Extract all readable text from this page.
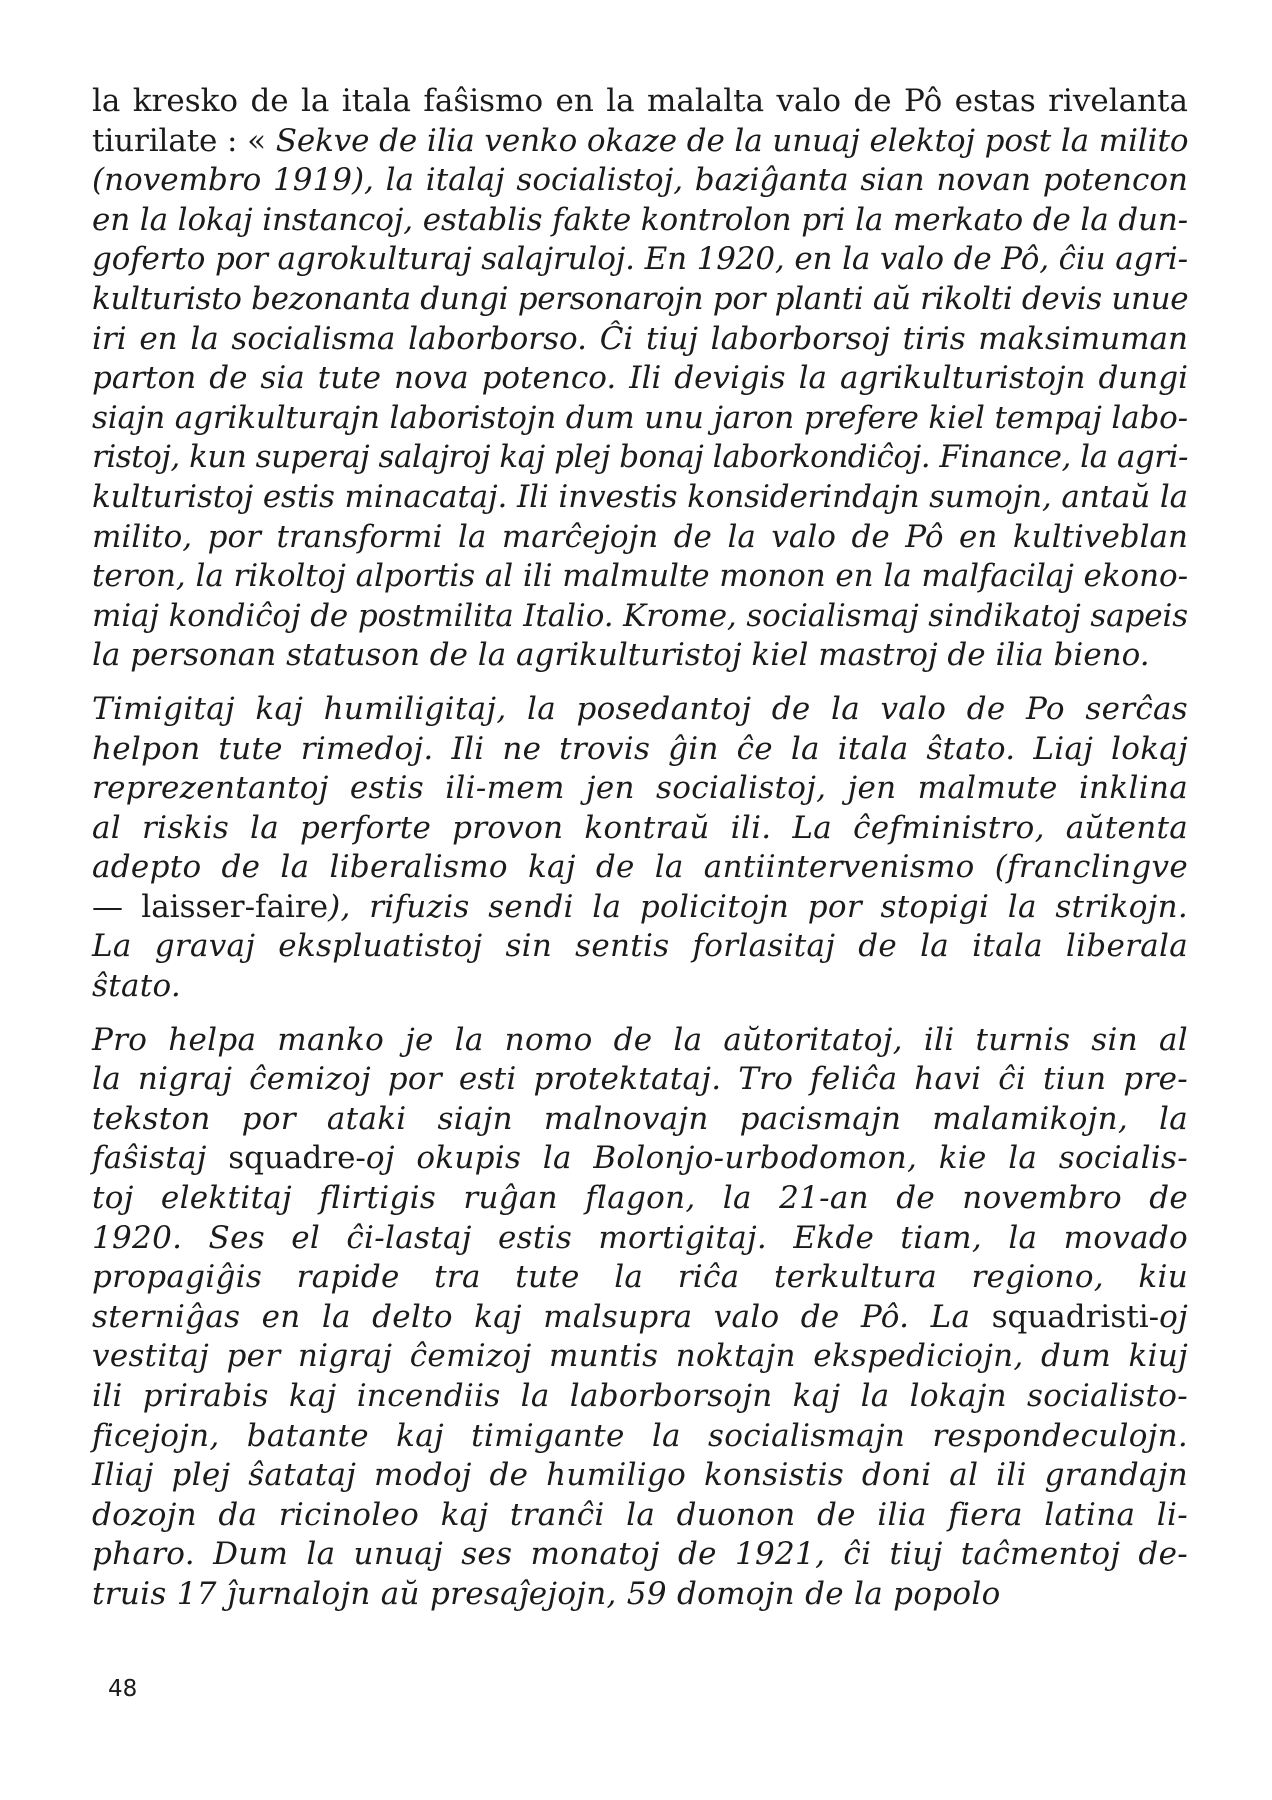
la kresko de la itala faŝismo en la malalta valo de Pô estas rivelanta
tiurilate : « Sekve de ilia venko okaze de la unuaj elektoj post la milito
(novembro 1919), la italaj socialistoj, baziĝanta sian novan potencon
en la lokaj instancoj, establis fakte kontrolon pri la merkato de la dun-
goferto por agrokulturaj salajruloj. En 1920, en la valo de Pô, ĉiu agri-
kulturisto bezonanta dungi personarojn por planti aŭ rikolti devis unue
iri en la socialisma laborborso. Ĉi tiuj laborborsoj tiris maksimuman
parton de sia tute nova potenco. Ili devigis la agrikulturistojn dungi
siajn agrikulturajn laboristojn dum unu jaron prefere kiel tempaj labo-
ristoj, kun superaj salajroj kaj plej bonaj laborkondiĉoj. Finance, la agri-
kulturistoj estis minacataj. Ili investis konsiderindajn sumojn, antaŭ la
milito, por transformi la marĉejojn de la valo de Pô en kultiveblan
teron, la rikoltoj alportis al ili malmulte monon en la malfacilaj ekono-
miaj kondiĉoj de postmilita Italio. Krome, socialismaj sindikatoj sapeis
la personan statuson de la agrikulturistoj kiel mastroj de ilia bieno.
Timigitaj kaj humiligitaj, la posedantoj de la valo de Po serĉas
helpon tute rimedoj. Ili ne trovis ĝin ĉe la itala ŝtato. Liaj lokaj
reprezentantoj estis ili-mem jen socialistoj, jen malmute inklina
al riskis la perforte provon kontraŭ ili. La ĉefministro, aŭtenta
adepto de la liberalismo kaj de la antiintervenismo (franclingve
— laisser-faire), rifuzis sendi la policitojn por stopigi la strikojn.
La gravaj ekspluatistoj sin sentis forlasitaj de la itala liberala
ŝtato.
Pro helpa manko je la nomo de la aŭtoritatoj, ili turnis sin al
la nigraj ĉemizoj por esti protektataj. Tro feliĉa havi ĉi tiun pre-
tekston por ataki siajn malnovajn pacismajn malamikojn, la
faŝistaj squadre-oj okupis la Bolonjo-urbodomon, kie la socialis-
toj elektitaj flirtigis ruĝan flagon, la 21-an de novembro de
1920. Ses el ĉi-lastaj estis mortigitaj. Ekde tiam, la movado
propagiĝis rapide tra tute la riĉa terkultura regiono, kiu
sterniĝas en la delto kaj malsupra valo de Pô. La squadristi-oj
vestitaj per nigraj ĉemizoj muntis noktajn ekspediciojn, dum kiuj
ili prirabis kaj incendiis la laborborsojn kaj la lokajn socialisto-
ficejojn, batante kaj timigante la socialismajn respondeculojn.
Iliaj plej ŝatataj modoj de humiligo konsistis doni al ili grandajn
dozojn da ricinoleo kaj tranĉi la duonon de ilia fiera latina li-
pharo. Dum la unuaj ses monatoj de 1921, ĉi tiuj taĉmentoj de-
truis 17 ĵurnalojn aŭ presaĵejojn, 59 domojn de la popolo
48
